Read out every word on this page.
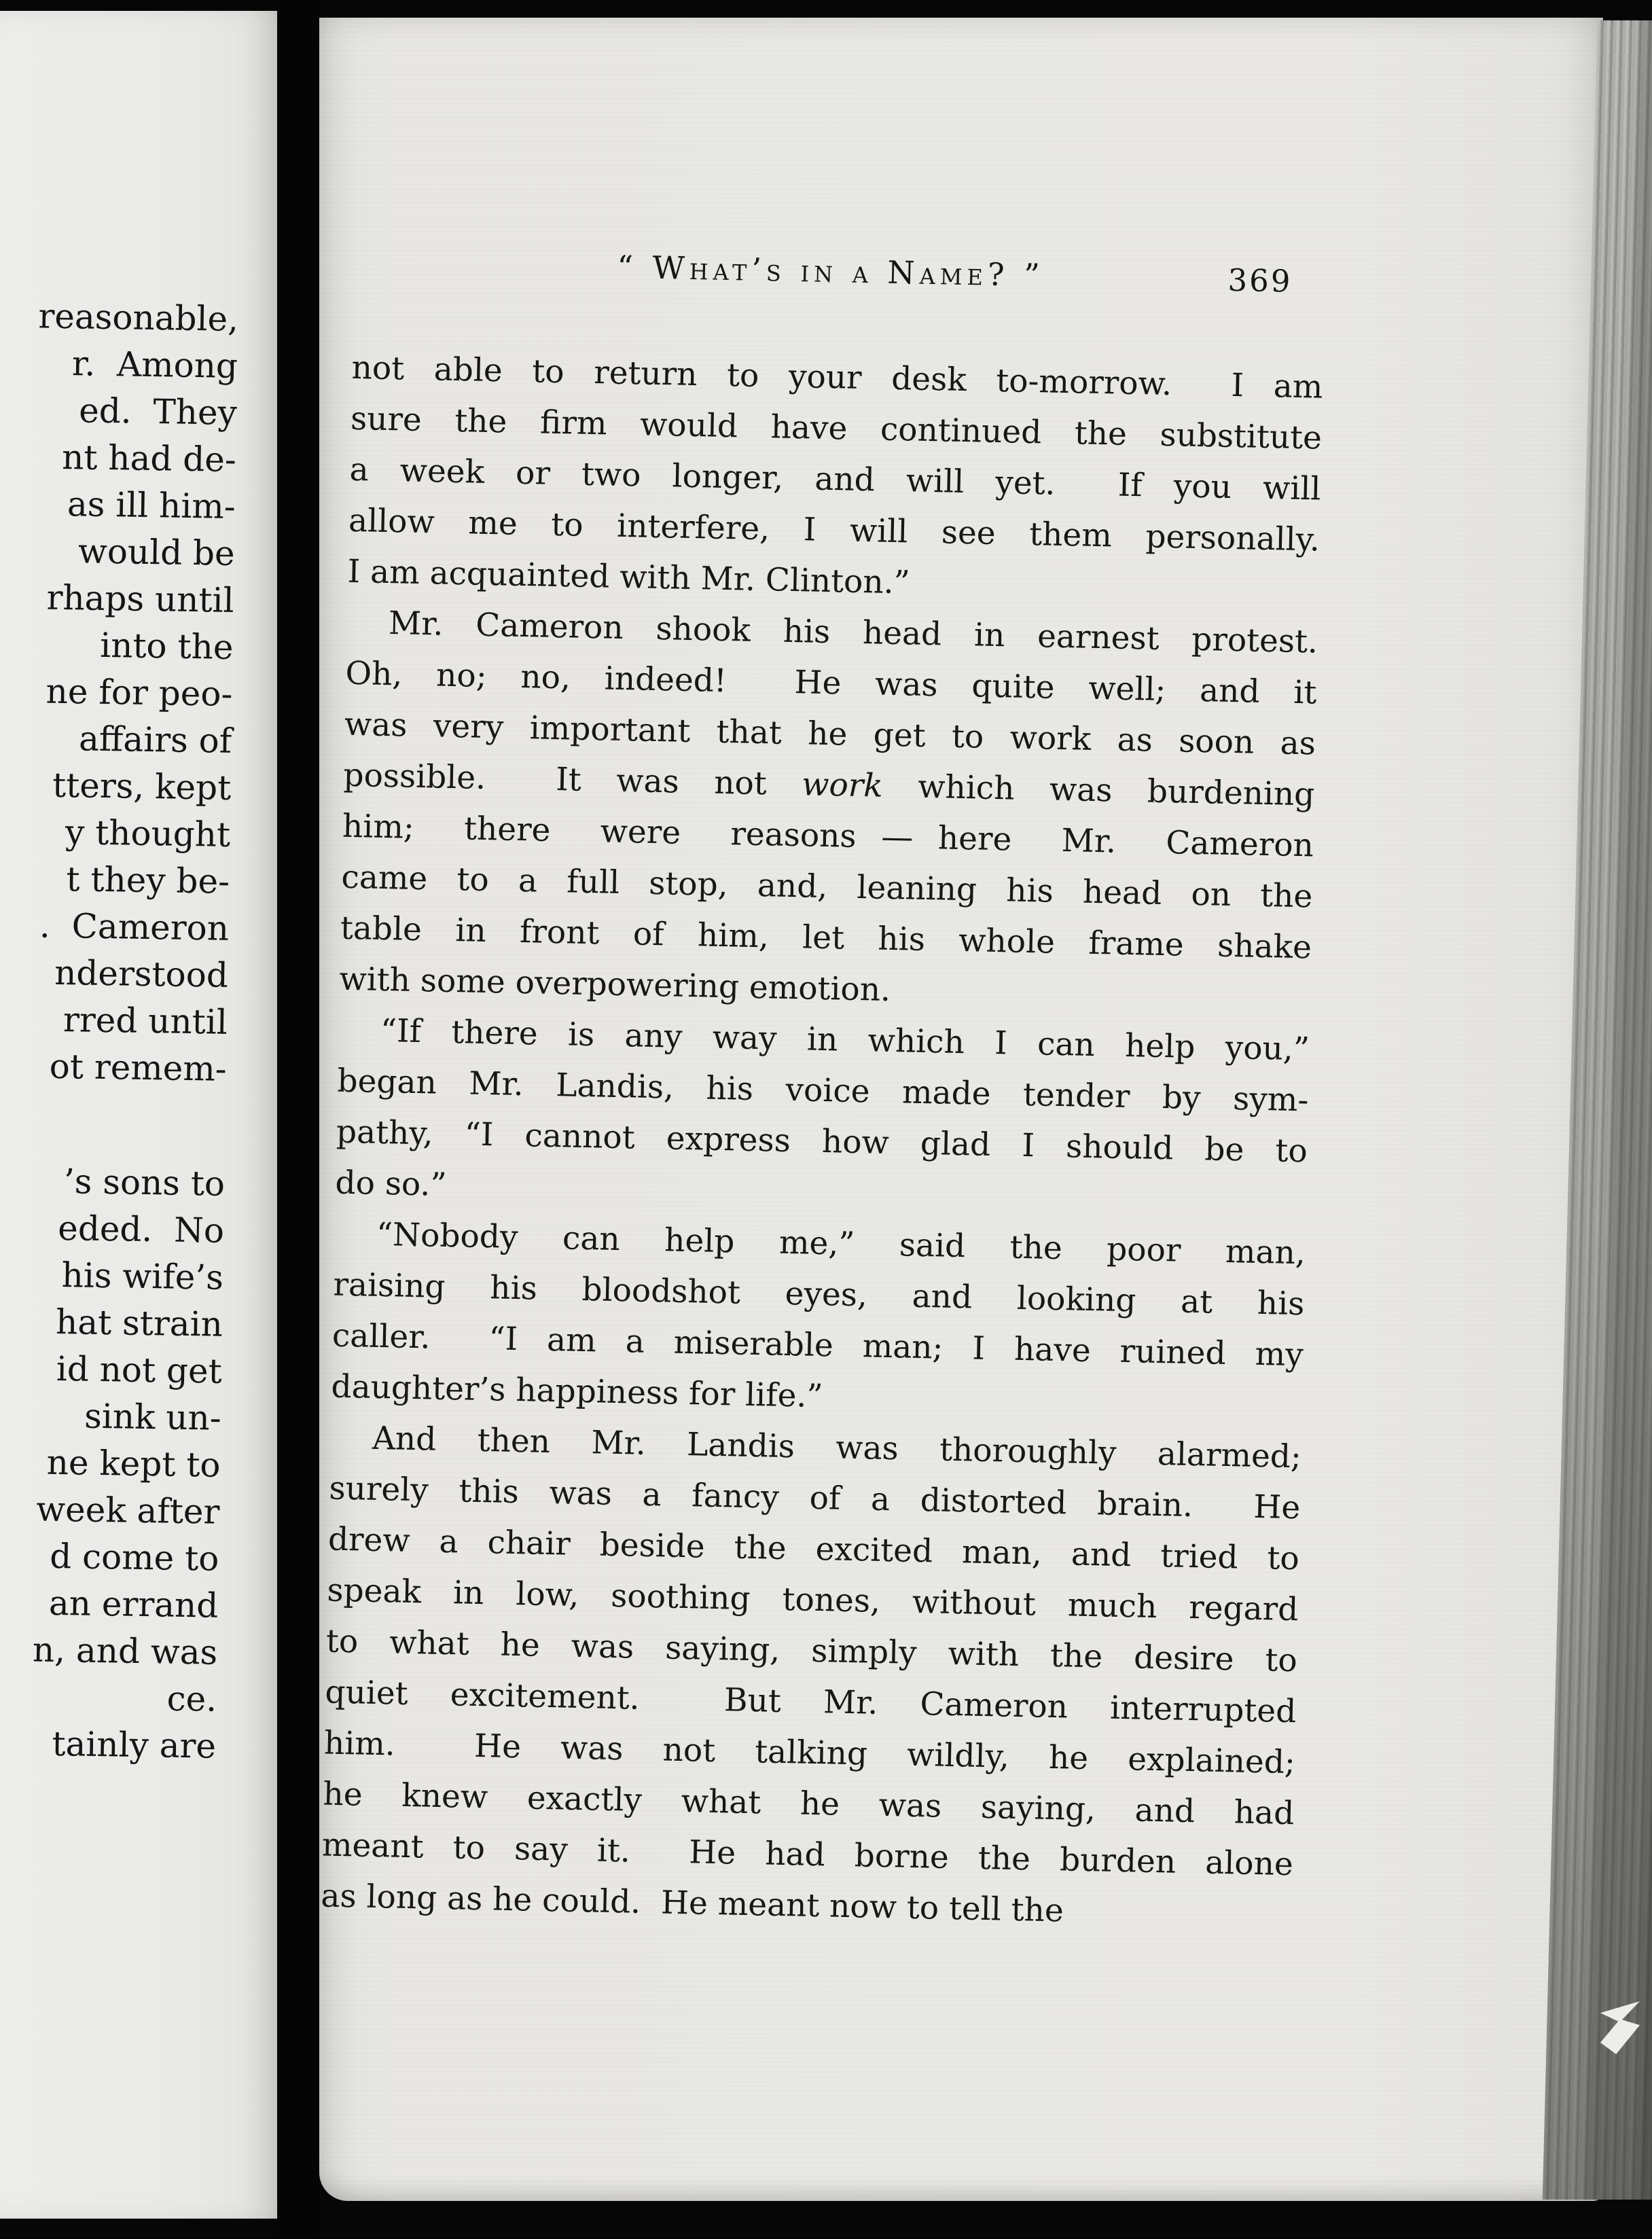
reasonable,
r.  Among
ed.  They
nt had de-
as ill him-
would be
rhaps until
into the
ne for peo-
affairs of
tters, kept
y thought
t they be-
.  Cameron
nderstood
rred until
ot remem-
’s sons to
eded.  No
his wife’s
hat strain
id not get
sink un-
ne kept to
week after
d come to
an errand
n, and was
ce.
tainly are
“ What’s in a Name? ”	369
not able to return to your desk to-morrow.  I am
sure the firm would have continued the substitute
a week or two longer, and will yet.  If you will
allow me to interfere, I will see them personally.
I am acquainted with Mr. Clinton.”
Mr. Cameron shook his head in earnest protest.
Oh, no; no, indeed!  He was quite well; and it
was very important that he get to work as soon as
possible.  It was not work which was burdening
him;  there  were  reasons — here  Mr.  Cameron
came to a full stop, and, leaning his head on the
table in front of him, let his whole frame shake
with some overpowering emotion.
“If there is any way in which I can help you,”
began Mr. Landis, his voice made tender by sym-
pathy, “I cannot express how glad I should be to
do so.”
“Nobody  can  help  me,”  said  the  poor  man,
raising  his  bloodshot  eyes,  and  looking  at  his
caller.  “I am a miserable man; I have ruined my
daughter’s happiness for life.”
And then Mr. Landis was thoroughly alarmed;
surely this was a fancy of a distorted brain.  He
drew a chair beside the excited man, and tried to
speak in low, soothing tones, without much regard
to what he was saying, simply with the desire to
quiet excitement.  But Mr. Cameron interrupted
him.  He was not talking wildly, he explained;
he knew exactly what he was saying, and had
meant to say it.  He had borne the burden alone
as long as he could.  He meant now to tell the
